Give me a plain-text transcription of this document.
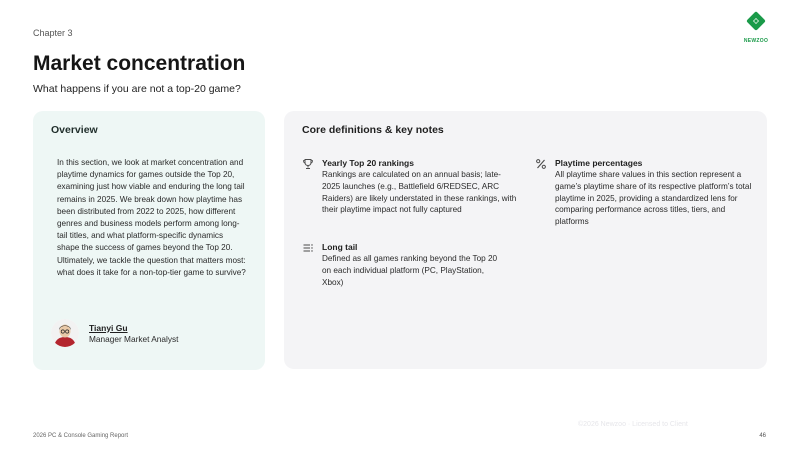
Chapter 3
NEWZOO
Market concentration

What happens if you are not a top-20 game?

Overview
In this section, we look at market concentration and playtime dynamics for games outside the Top 20, examining just how viable and enduring the long tail remains in 2025. We break down how playtime has been distributed from 2022 to 2025, how different genres and business models perform among long-tail titles, and what platform-specific dynamics shape the success of games beyond the Top 20. Ultimately, we tackle the question that matters most: what does it take for a non-top-tier game to survive?
Tianyi Gu
Manager Market Analyst
Core definitions & key notes
Yearly Top 20 rankings
Rankings are calculated on an annual basis; late-2025 launches (e.g., Battlefield 6/REDSEC, ARC Raiders) are likely understated in these rankings, with their playtime impact not fully captured
Playtime percentages
All playtime share values in this section represent a game’s playtime share of its respective platform’s total playtime in 2025, providing a standardized lens for comparing performance across titles, tiers, and platforms
Long tail
Defined as all games ranking beyond the Top 20 on each individual platform (PC, PlayStation, Xbox)
©2026 Newzoo · Licensed to Client
2026 PC & Console Gaming Report	46
